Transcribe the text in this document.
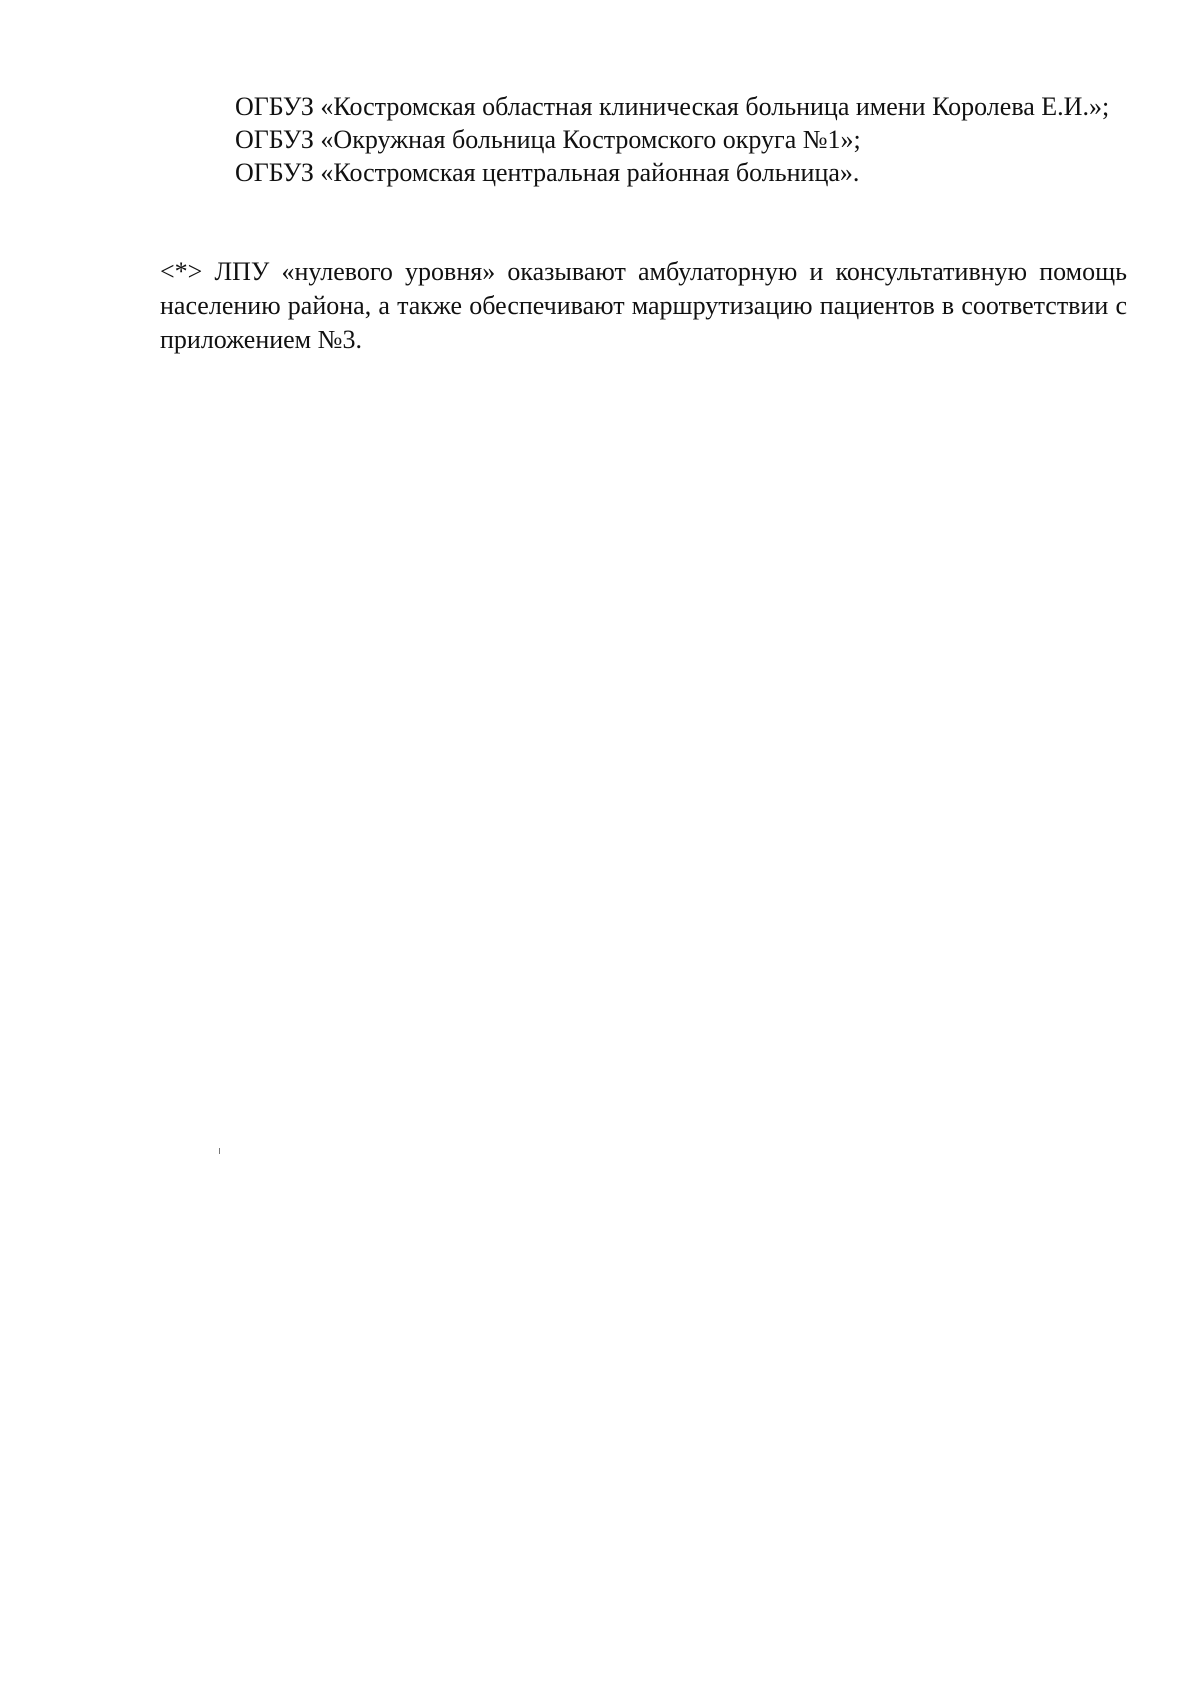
ОГБУЗ «Костромская областная клиническая больница имени Королева Е.И.»;

ОГБУЗ «Окружная больница Костромского округа №1»;

ОГБУЗ «Костромская центральная районная больница».

<*> ЛПУ «нулевого уровня» оказывают амбулаторную и консультативную помощь населению района, а также обеспечивают маршрутизацию пациентов в соответствии с приложением №3.
